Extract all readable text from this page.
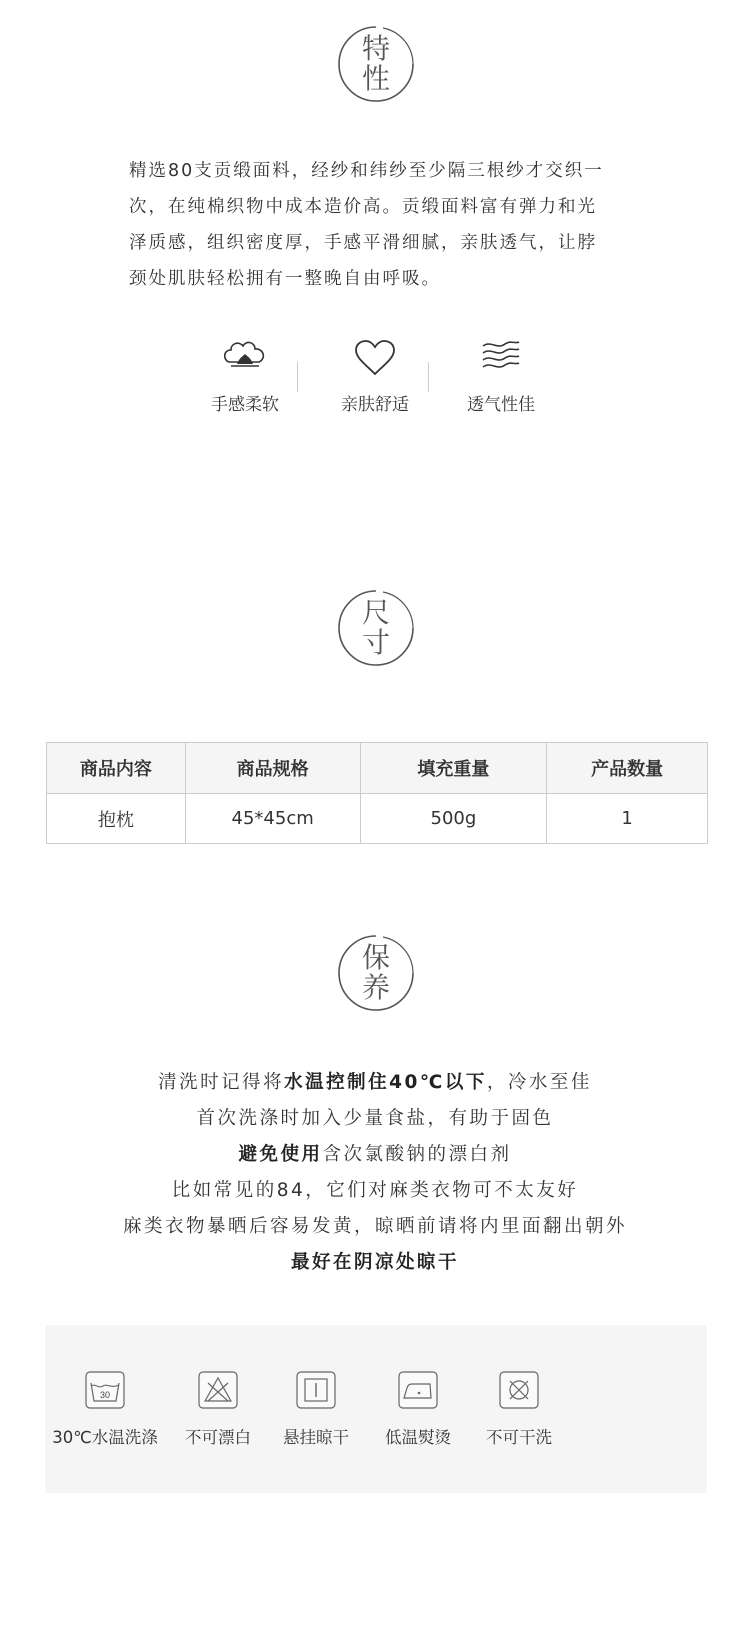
特
性
精选80支贡缎面料，经纱和纬纱至少隔三根纱才交织一
次，在纯棉织物中成本造价高。贡缎面料富有弹力和光
泽质感，组织密度厚，手感平滑细腻，亲肤透气，让脖
颈处肌肤轻松拥有一整晚自由呼吸。
手感柔软	亲肤舒适	透气性佳
尺
寸
商品内容	商品规格	填充重量	产品数量
抱枕	45*45cm	500g	1
保
养
清洗时记得将水温控制住40℃以下，冷水至佳
首次洗涤时加入少量食盐，有助于固色
避免使用含次氯酸钠的漂白剂
比如常见的84，它们对麻类衣物可不太友好
麻类衣物暴晒后容易发黄，晾晒前请将内里面翻出朝外
最好在阴凉处晾干
30
30℃水温洗涤	不可漂白	悬挂晾干	低温熨烫	不可干洗
